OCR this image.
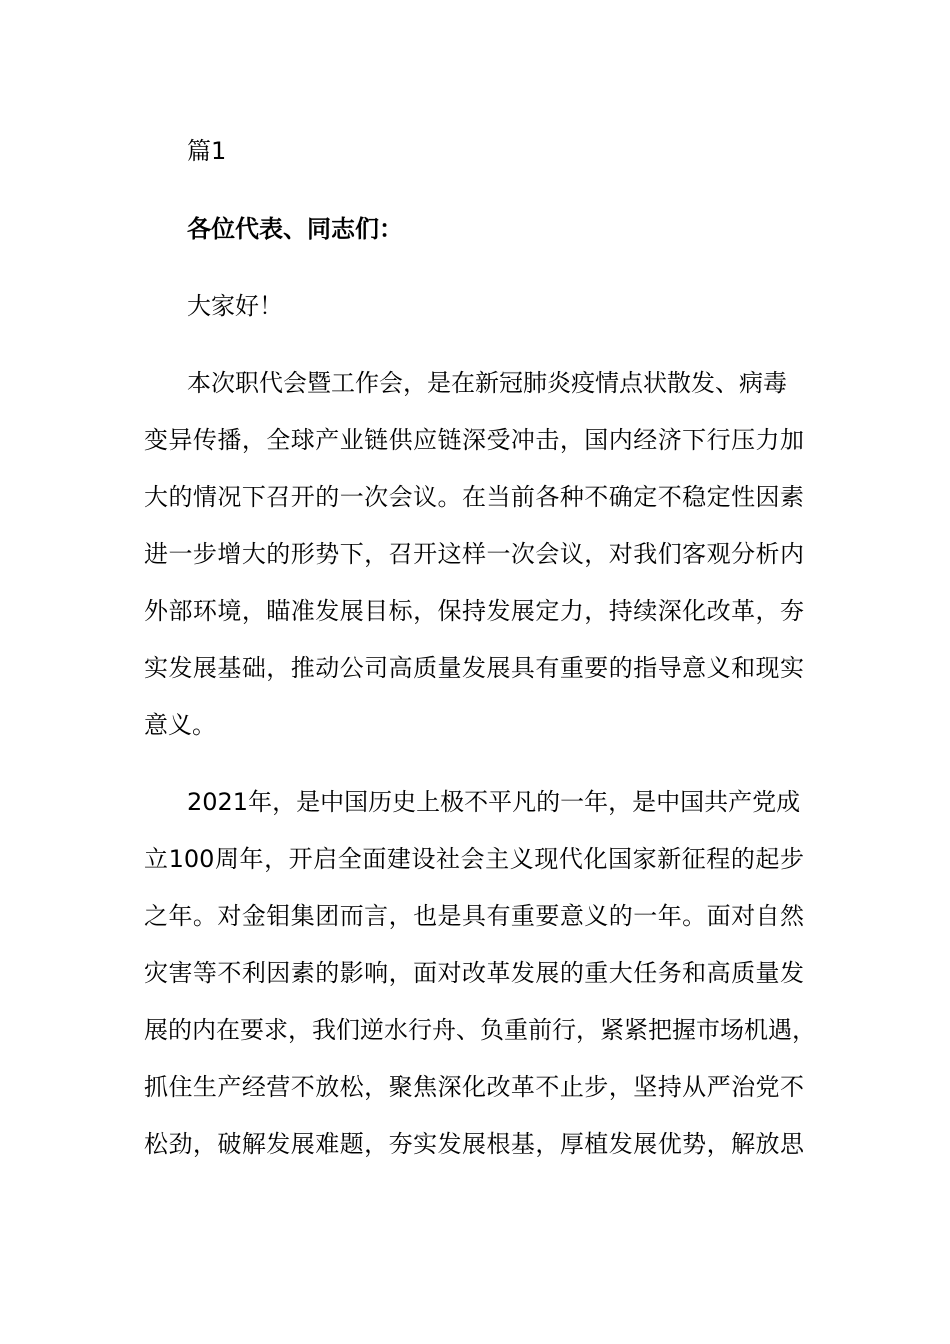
篇1
各位代表、同志们：
大家好！
本次职代会暨工作会，是在新冠肺炎疫情点状散发、病毒
变异传播，全球产业链供应链深受冲击，国内经济下行压力加
大的情况下召开的一次会议。在当前各种不确定不稳定性因素
进一步增大的形势下，召开这样一次会议，对我们客观分析内
外部环境，瞄准发展目标，保持发展定力，持续深化改革，夯
实发展基础，推动公司高质量发展具有重要的指导意义和现实
意义。
2021年，是中国历史上极不平凡的一年，是中国共产党成
立100周年，开启全面建设社会主义现代化国家新征程的起步
之年。对金钼集团而言，也是具有重要意义的一年。面对自然
灾害等不利因素的影响，面对改革发展的重大任务和高质量发
展的内在要求，我们逆水行舟、负重前行，紧紧把握市场机遇，
抓住生产经营不放松，聚焦深化改革不止步，坚持从严治党不
松劲，破解发展难题，夯实发展根基，厚植发展优势，解放思
